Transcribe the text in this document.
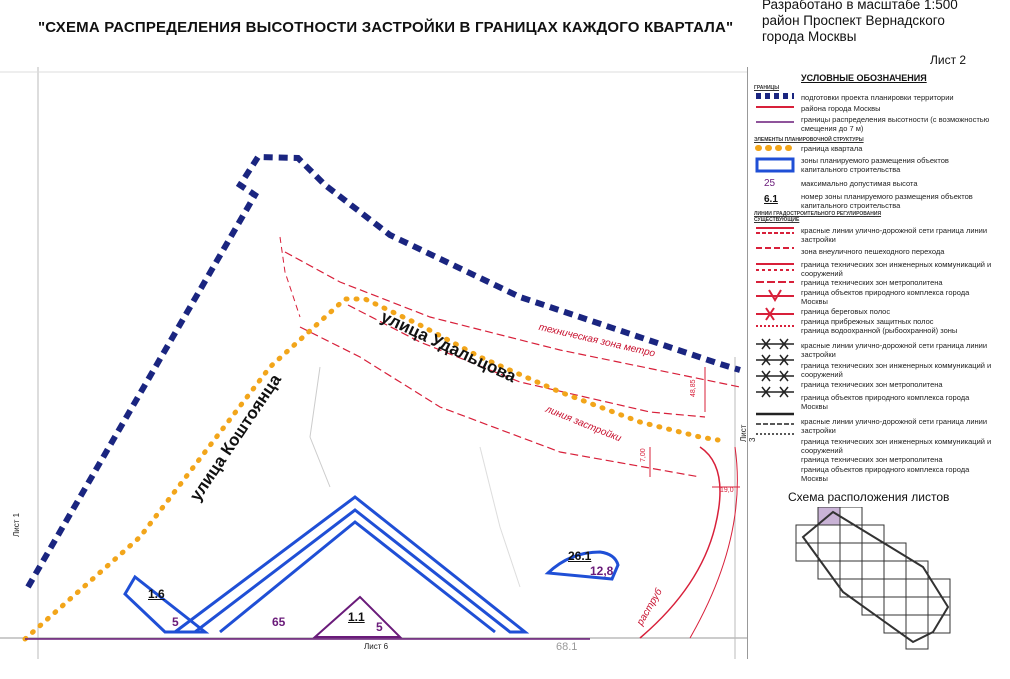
"СХЕМА РАСПРЕДЕЛЕНИЯ ВЫСОТНОСТИ ЗАСТРОЙКИ В ГРАНИЦАХ КАЖДОГО КВАРТАЛА"
Разработано в масштабе 1:500
район Проспект Вернадского
города Москвы
Лист 2
улица Удальцова
улица Коштоянца
техническая зона метро
линия застройки
раструб
48,85
7,00
19,0
Лист 1
Лист 6
Лист 3
68.1
1.6
5	65	1.1
5
26.1
12,8
УСЛОВНЫЕ ОБОЗНАЧЕНИЯ
ГРАНИЦЫ
подготовки проекта планировки территории
района города Москвы
границы распределения высотности (с возможностью смещения до 7 м)
ЭЛЕМЕНТЫ ПЛАНИРОВОЧНОЙ СТРУКТУРЫ
граница квартала
зоны планируемого размещения объектов капитального строительства
25	максимально допустимая высота
6.1	номер зоны планируемого размещения объектов капитального строительства
ЛИНИИ ГРАДОСТРОИТЕЛЬНОГО РЕГУЛИРОВАНИЯ
СУЩЕСТВУЮЩИЕ
красные линии улично-дорожной сети граница линии застройки
зона внеуличного пешеходного перехода
граница технических зон инженерных коммуникаций и сооружений
граница технических зон метрополитена
граница объектов природного комплекса города Москвы
граница береговых полос
граница прибрежных защитных полос
граница водоохранной (рыбоохранной) зоны
красные линии улично-дорожной сети граница линии застройки
граница технических зон инженерных коммуникаций и сооружений
граница технических зон метрополитена
граница объектов природного комплекса города Москвы
красные линии улично-дорожной сети граница линии застройки
граница технических зон инженерных коммуникаций и сооружений
граница технических зон метрополитена
граница объектов природного комплекса города Москвы
Схема расположения листов
